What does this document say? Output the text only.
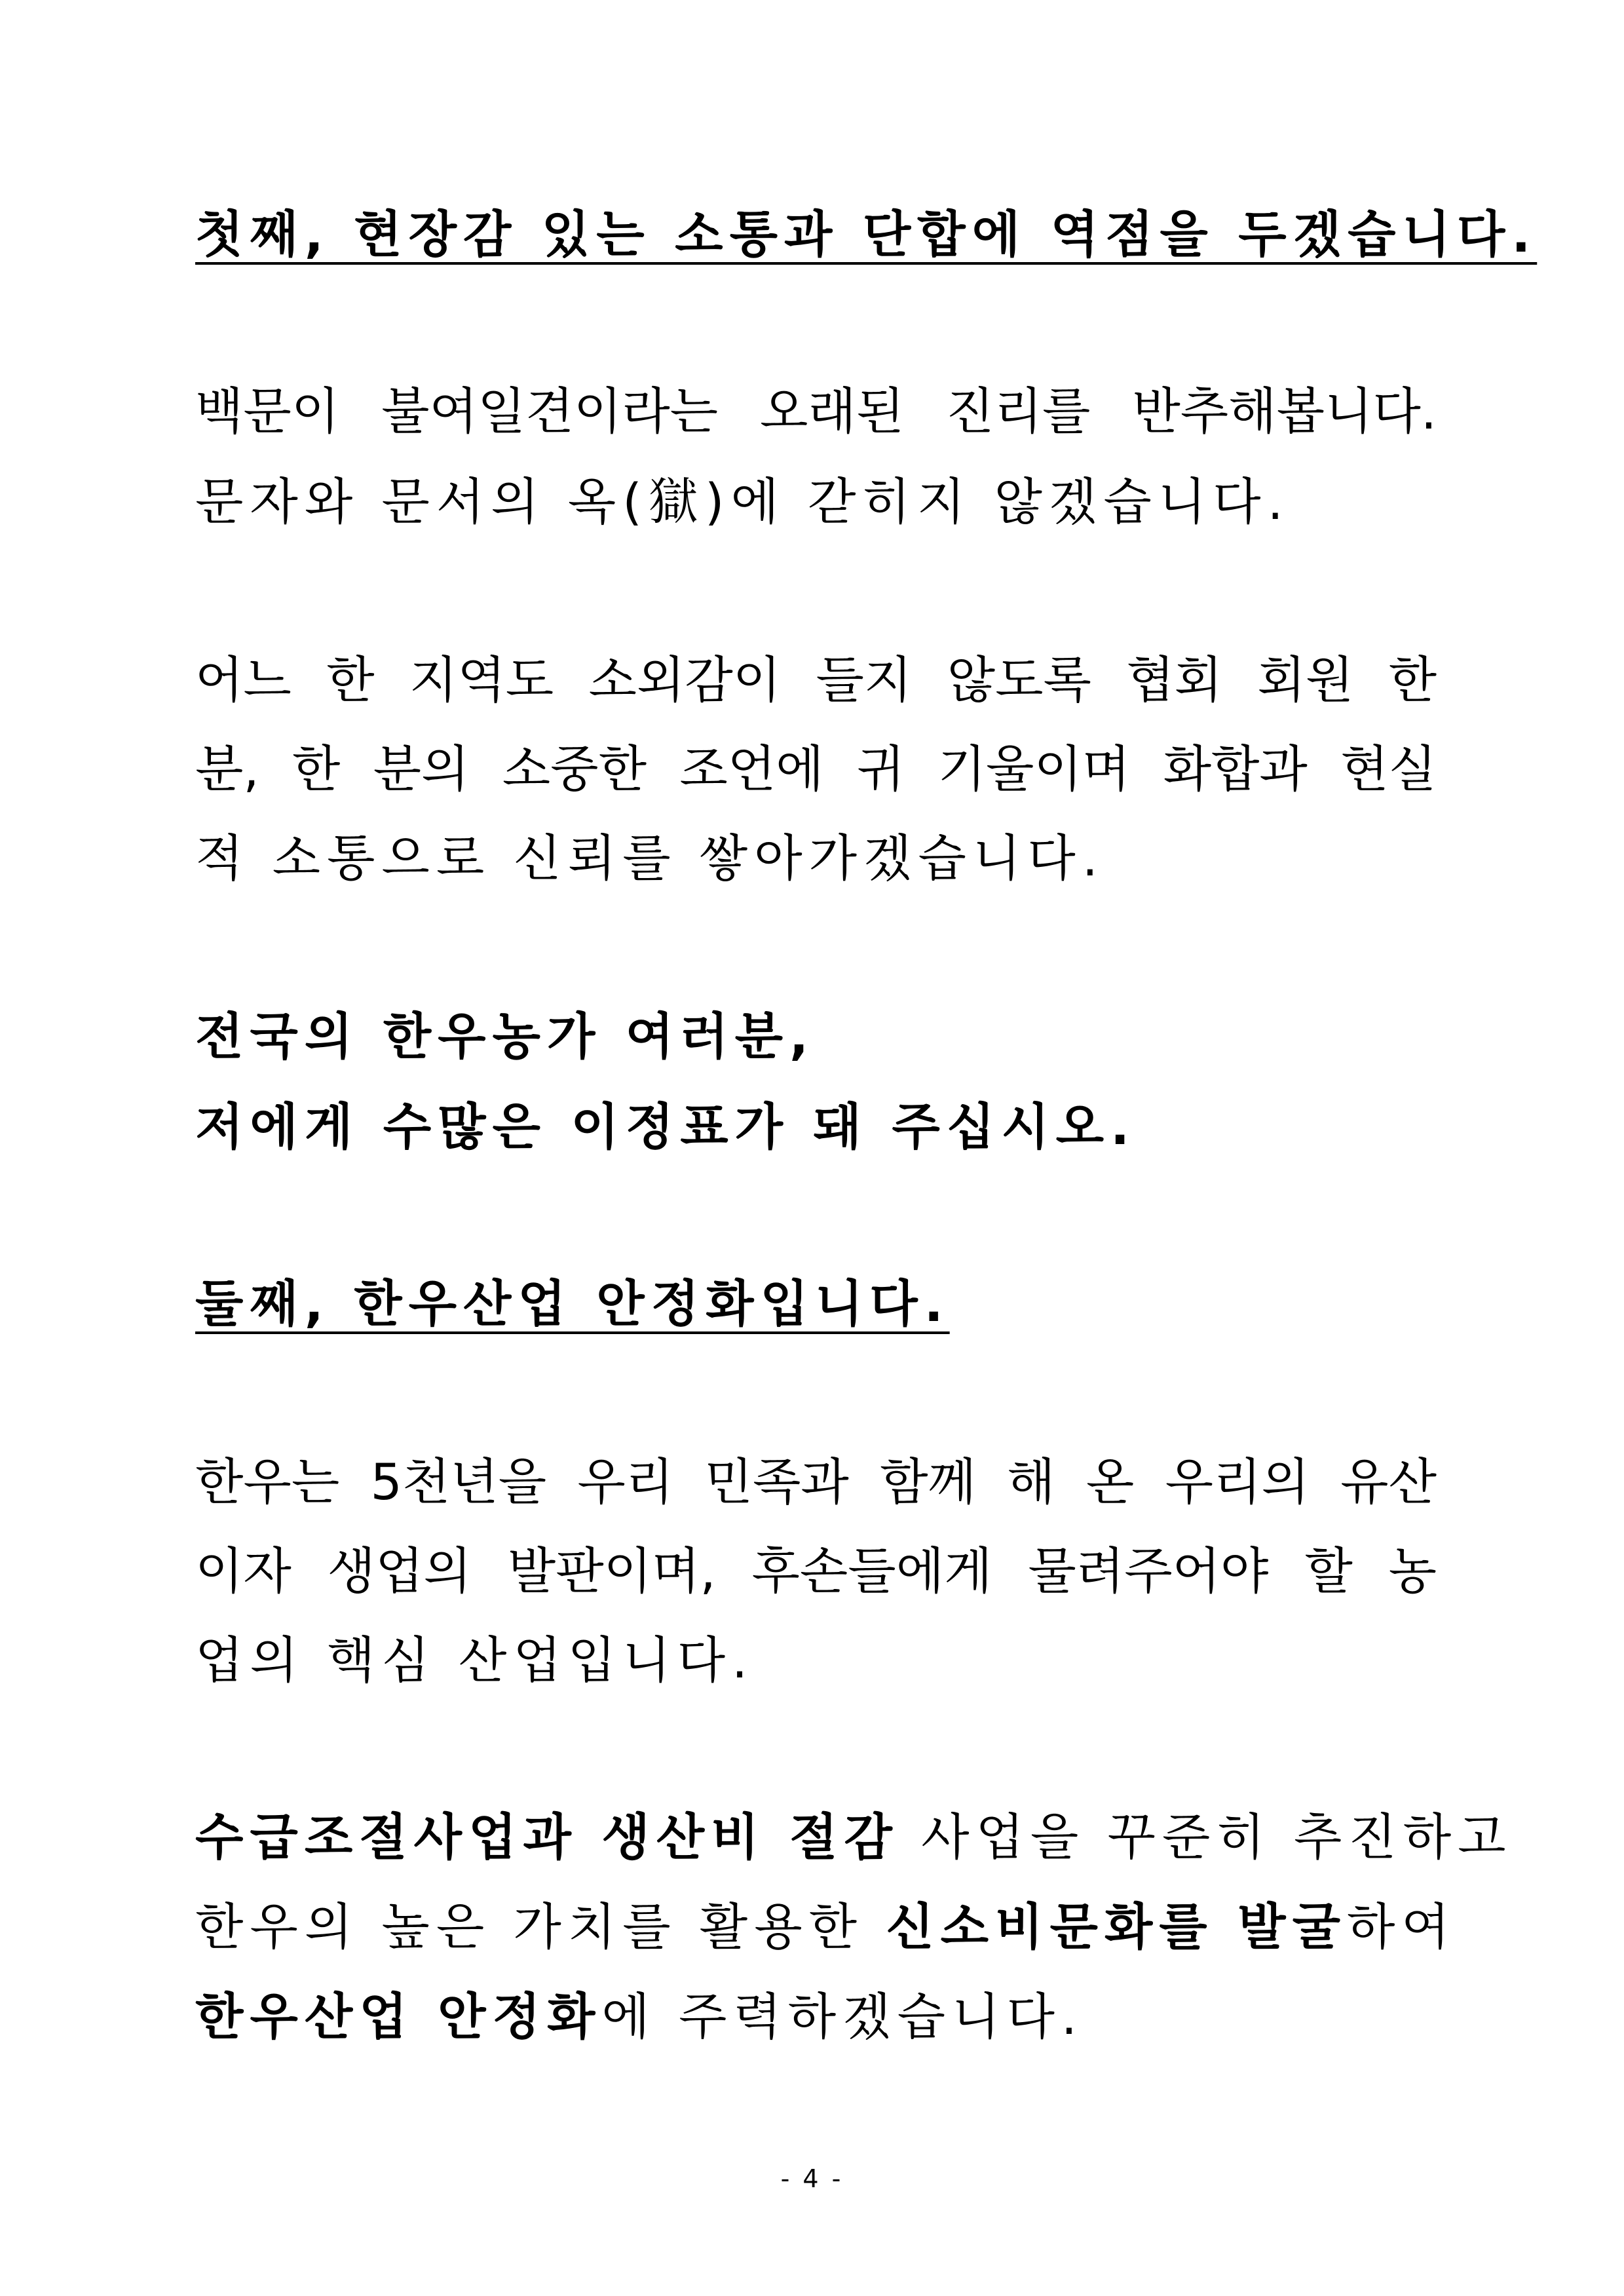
첫째, 현장감 있는 소통과 단합에 역점을 두겠습니다.
백문이 불여일견이라는 오래된 진리를 반추해봅니다.
문자와 문서의 옥(獄)에 갇히지 않겠습니다.
어느 한 지역도 소외감이 들지 않도록 협회 회원 한
분, 한 분의 소중한 조언에 귀 기울이며 화합과 현실
적 소통으로 신뢰를 쌓아가겠습니다.
전국의 한우농가 여러분,
저에게 수많은 이정표가 돼 주십시오.
둘째, 한우산업 안정화입니다.
한우는 5천년을 우리 민족과 함께 해 온 우리의 유산
이자 생업의 발판이며, 후손들에게 물려주어야 할 농
업의 핵심 산업입니다.
수급조절사업과 생산비 절감 사업을 꾸준히 추진하고
한우의 높은 가치를 활용한 신소비문화를 발굴하여
한우산업 안정화에 주력하겠습니다.
- 4 -
